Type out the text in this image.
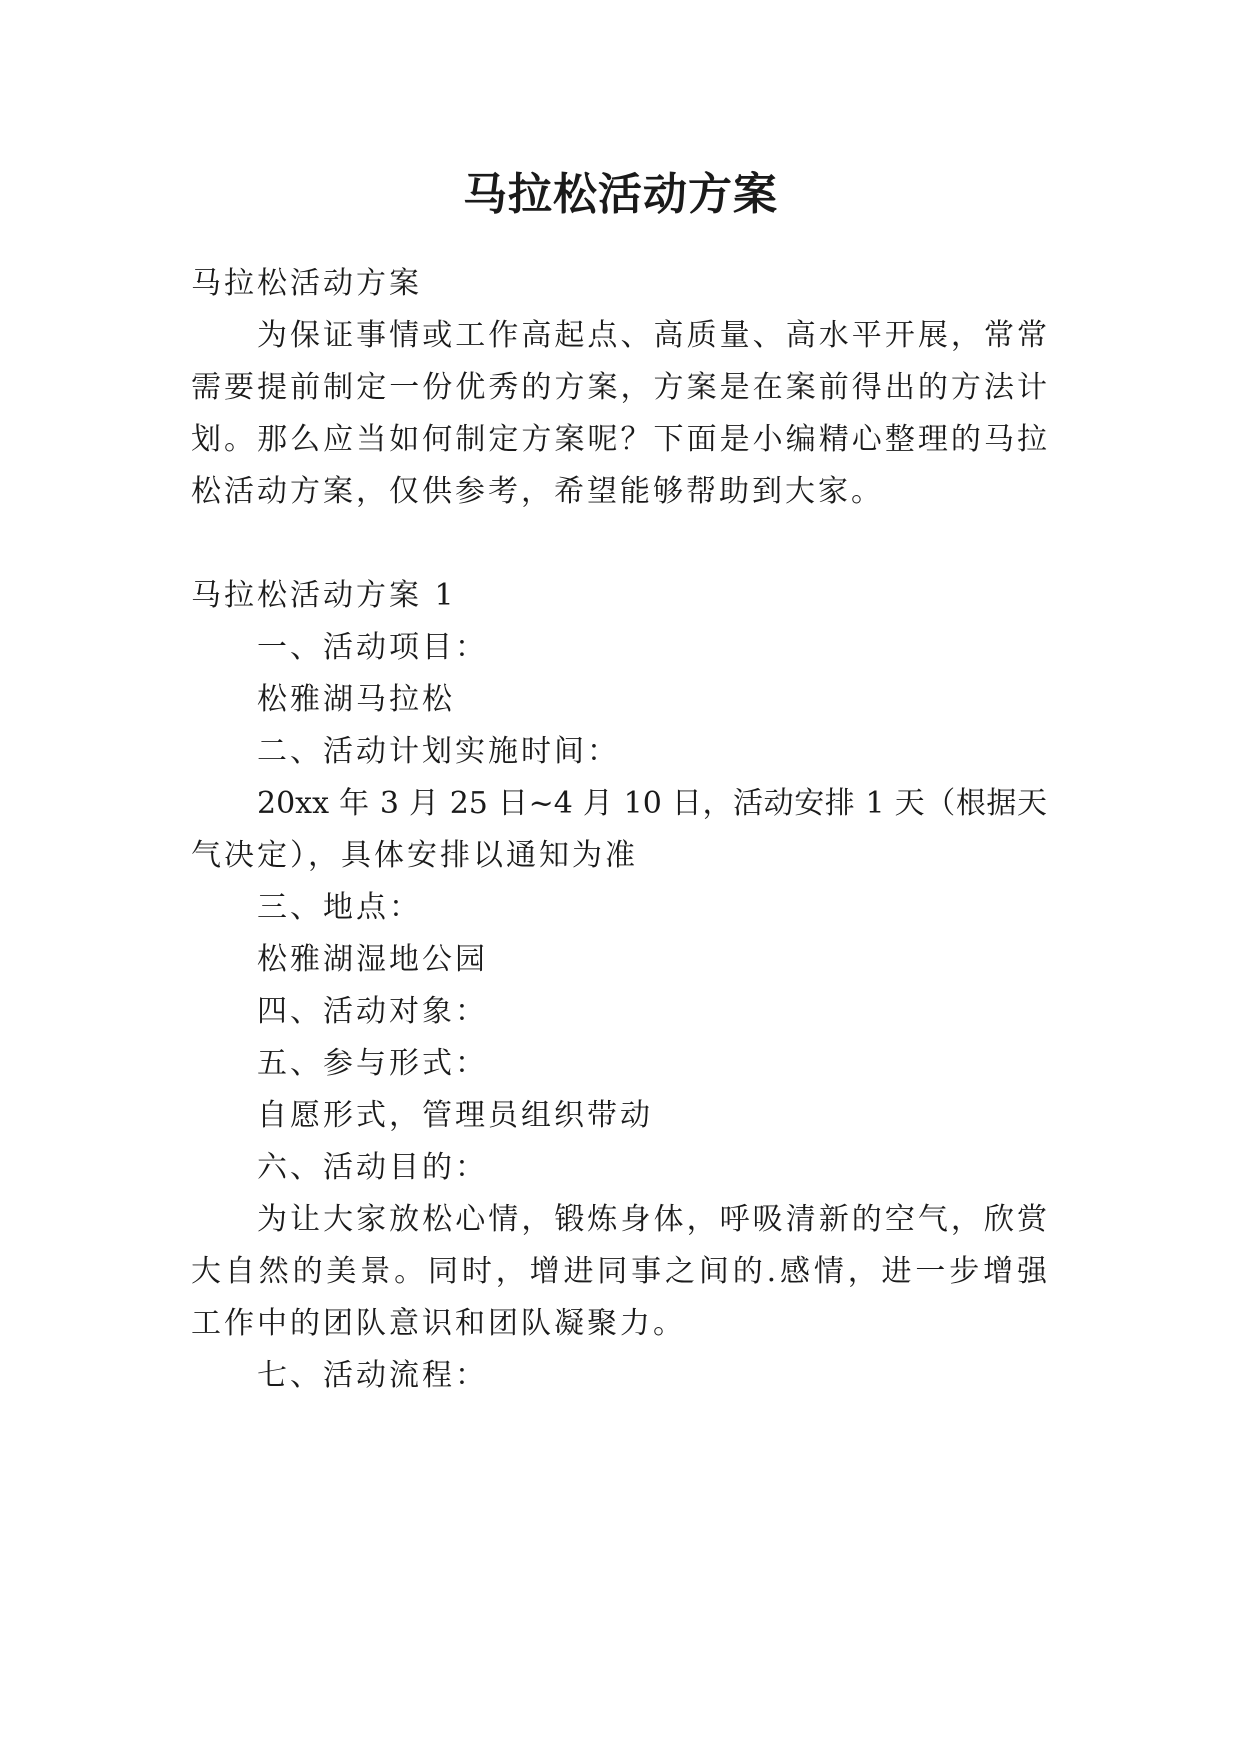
马拉松活动方案
马拉松活动方案
为保证事情或工作高起点、高质量、高水平开展，常常
需要提前制定一份优秀的方案，方案是在案前得出的方法计
划。那么应当如何制定方案呢？下面是小编精心整理的马拉
松活动方案，仅供参考，希望能够帮助到大家。
马拉松活动方案 1
一、活动项目：
松雅湖马拉松
二、活动计划实施时间：
20xx 年 3 月 25 日~4 月 10 日，活动安排 1 天（根据天
气决定），具体安排以通知为准
三、地点：
松雅湖湿地公园
四、活动对象：
五、参与形式：
自愿形式，管理员组织带动
六、活动目的：
为让大家放松心情，锻炼身体，呼吸清新的空气，欣赏
大自然的美景。同时，增进同事之间的.感情，进一步增强
工作中的团队意识和团队凝聚力。
七、活动流程：
